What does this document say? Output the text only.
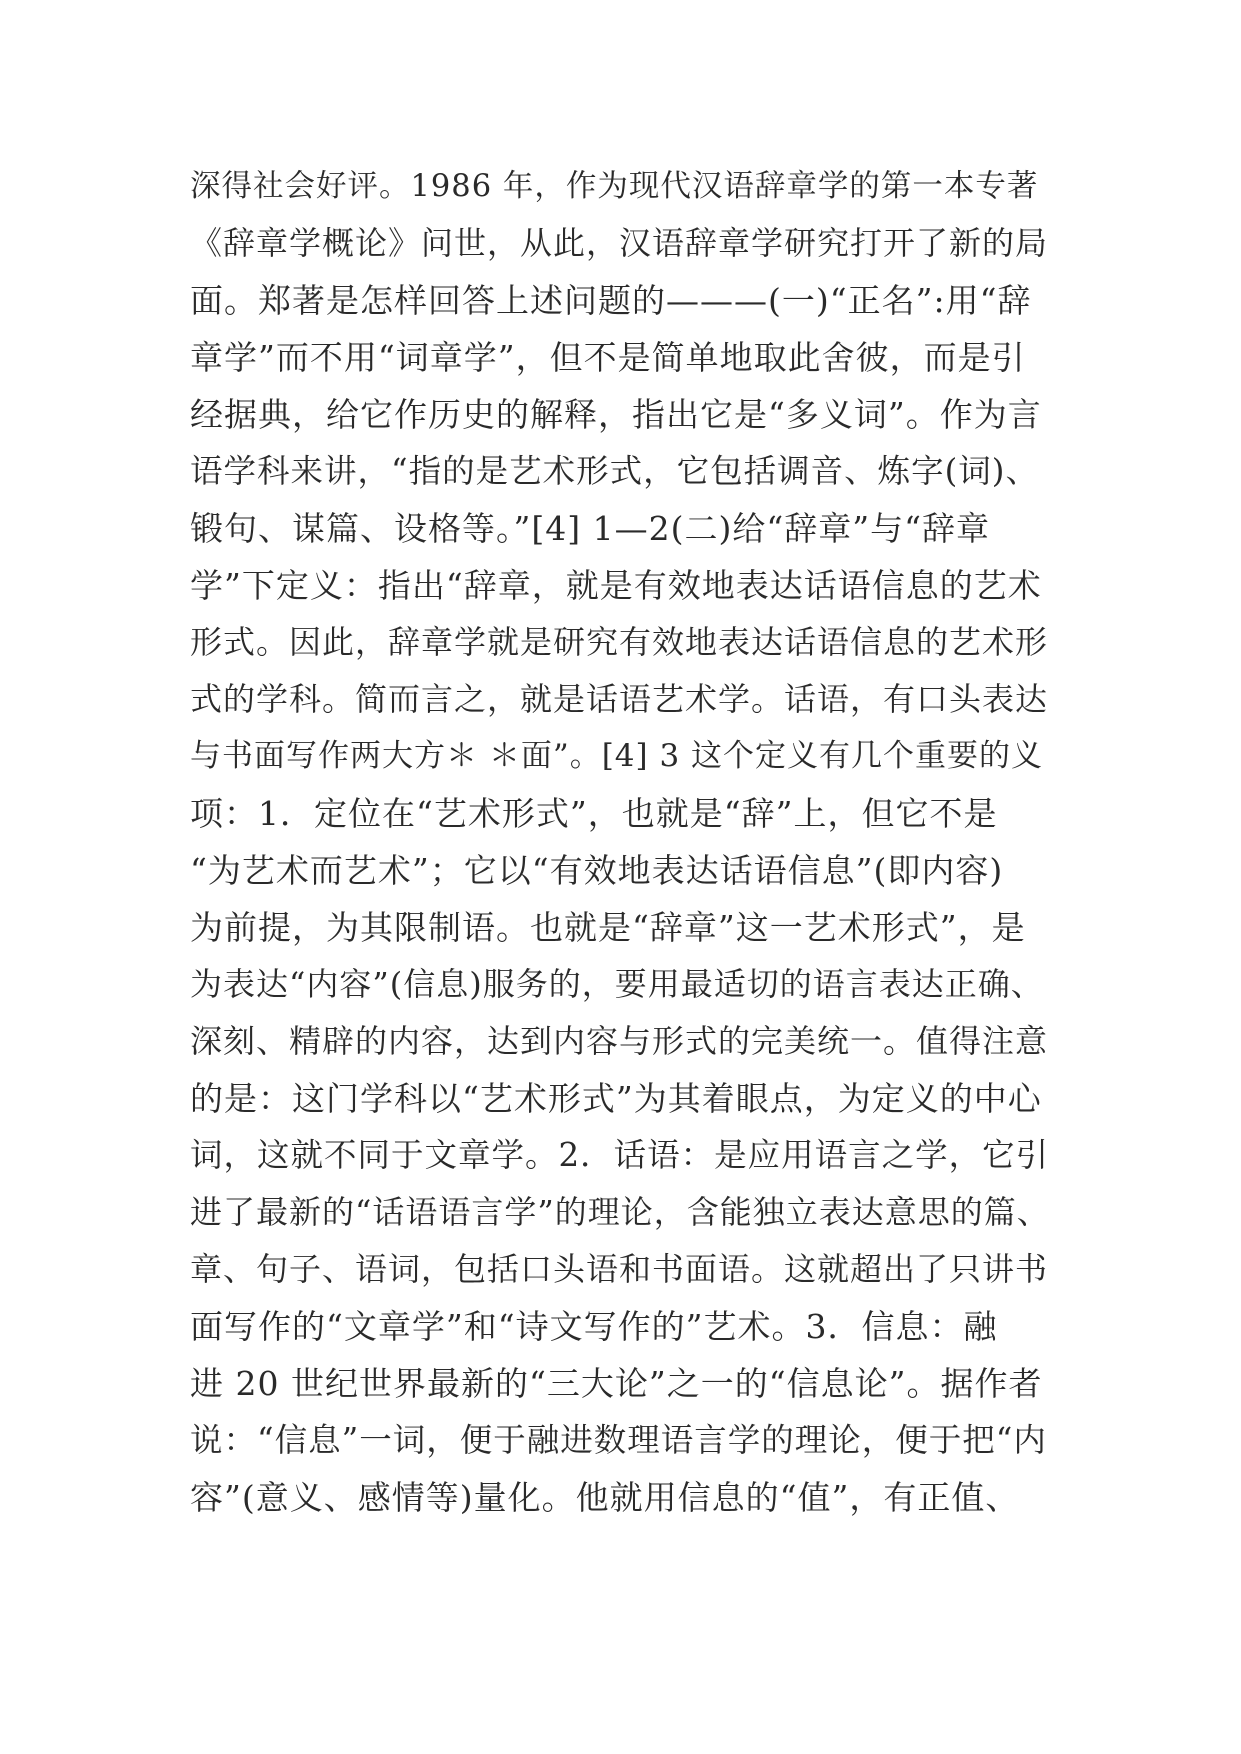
深得社会好评。1986 年，作为现代汉语辞章学的第一本专著
《辞章学概论》问世，从此，汉语辞章学研究打开了新的局
面。郑著是怎样回答上述问题的———(一)“正名”:用“辞
章学”而不用“词章学”，但不是简单地取此舍彼，而是引
经据典，给它作历史的解释，指出它是“多义词”。作为言
语学科来讲，“指的是艺术形式，它包括调音、炼字(词)、
锻句、谋篇、设格等。”[4] 1—2(二)给“辞章”与“辞章
学”下定义：指出“辞章，就是有效地表达话语信息的艺术
形式。因此，辞章学就是研究有效地表达话语信息的艺术形
式的学科。简而言之，就是话语艺术学。话语，有口头表达
与书面写作两大方＊ ＊面”。[4] 3 这个定义有几个重要的义
项：1．定位在“艺术形式”，也就是“辞”上，但它不是
“为艺术而艺术”；它以“有效地表达话语信息”(即内容)
为前提，为其限制语。也就是“辞章”这一艺术形式”，是
为表达“内容”(信息)服务的，要用最适切的语言表达正确、
深刻、精辟的内容，达到内容与形式的完美统一。值得注意
的是：这门学科以“艺术形式”为其着眼点，为定义的中心
词，这就不同于文章学。2．话语：是应用语言之学，它引
进了最新的“话语语言学”的理论，含能独立表达意思的篇、
章、句子、语词，包括口头语和书面语。这就超出了只讲书
面写作的“文章学”和“诗文写作的”艺术。3．信息：融
进 20 世纪世界最新的“三大论”之一的“信息论”。据作者
说：“信息”一词，便于融进数理语言学的理论，便于把“内
容”(意义、感情等)量化。他就用信息的“值”，有正值、
